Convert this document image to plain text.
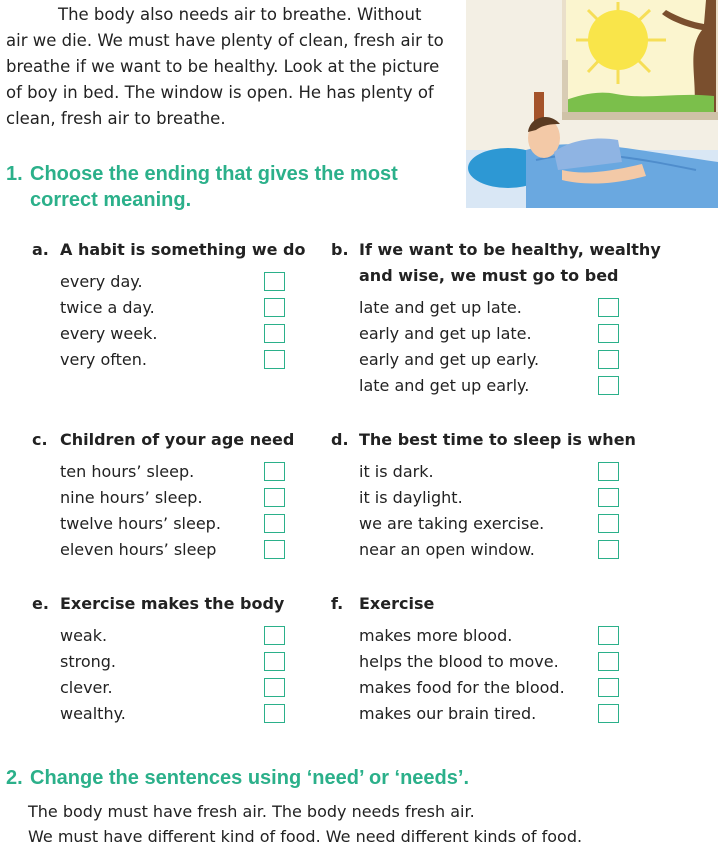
The body also needs air to breathe. Without air we die. We must have plenty of clean, fresh air to breathe if we want to be healthy. Look at the picture of boy in bed. The window is open. He has plenty of clean, fresh air to breathe.

1. Choose the ending that gives the most
correct meaning.
a. A habit is something we do
every day.
twice a day.
every week.
very often.
b. If we want to be healthy, wealthy and wise, we must go to bed
late and get up late.
early and get up late.
early and get up early.
late and get up early.
c. Children of your age need
ten hours’ sleep.
nine hours’ sleep.
twelve hours’ sleep.
eleven hours’ sleep
d. The best time to sleep is when
it is dark.
it is daylight.
we are taking exercise.
near an open window.
e. Exercise makes the body
weak.
strong.
clever.
wealthy.
f. Exercise
makes more blood.
helps the blood to move.
makes food for the blood.
makes our brain tired.
2. Change the sentences using ‘need’ or ‘needs’.
The body must have fresh air. The body needs fresh air.
We must have different kind of food. We need different kinds of food.
